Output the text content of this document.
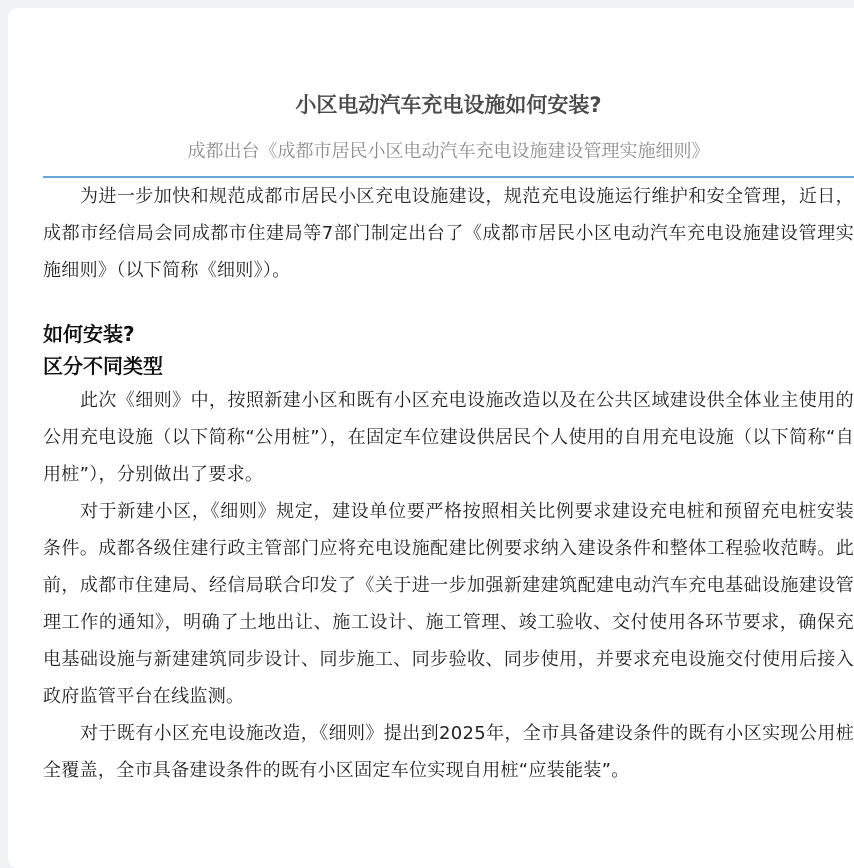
小区电动汽车充电设施如何安装?
成都出台《成都市居民小区电动汽车充电设施建设管理实施细则》

为进一步加快和规范成都市居民小区充电设施建设，规范充电设施运行维护和安全管理，近日，成都市经信局会同成都市住建局等7部门制定出台了《成都市居民小区电动汽车充电设施建设管理实施细则》（以下简称《细则》）。

如何安装?
区分不同类型

此次《细则》中，按照新建小区和既有小区充电设施改造以及在公共区域建设供全体业主使用的公用充电设施（以下简称“公用桩”），在固定车位建设供居民个人使用的自用充电设施（以下简称“自用桩”），分别做出了要求。

对于新建小区，《细则》规定，建设单位要严格按照相关比例要求建设充电桩和预留充电桩安装条件。成都各级住建行政主管部门应将充电设施配建比例要求纳入建设条件和整体工程验收范畴。此前，成都市住建局、经信局联合印发了《关于进一步加强新建建筑配建电动汽车充电基础设施建设管理工作的通知》，明确了土地出让、施工设计、施工管理、竣工验收、交付使用各环节要求，确保充电基础设施与新建建筑同步设计、同步施工、同步验收、同步使用，并要求充电设施交付使用后接入政府监管平台在线监测。

对于既有小区充电设施改造，《细则》提出到2025年，全市具备建设条件的既有小区实现公用桩全覆盖，全市具备建设条件的既有小区固定车位实现自用桩“应装能装”。
